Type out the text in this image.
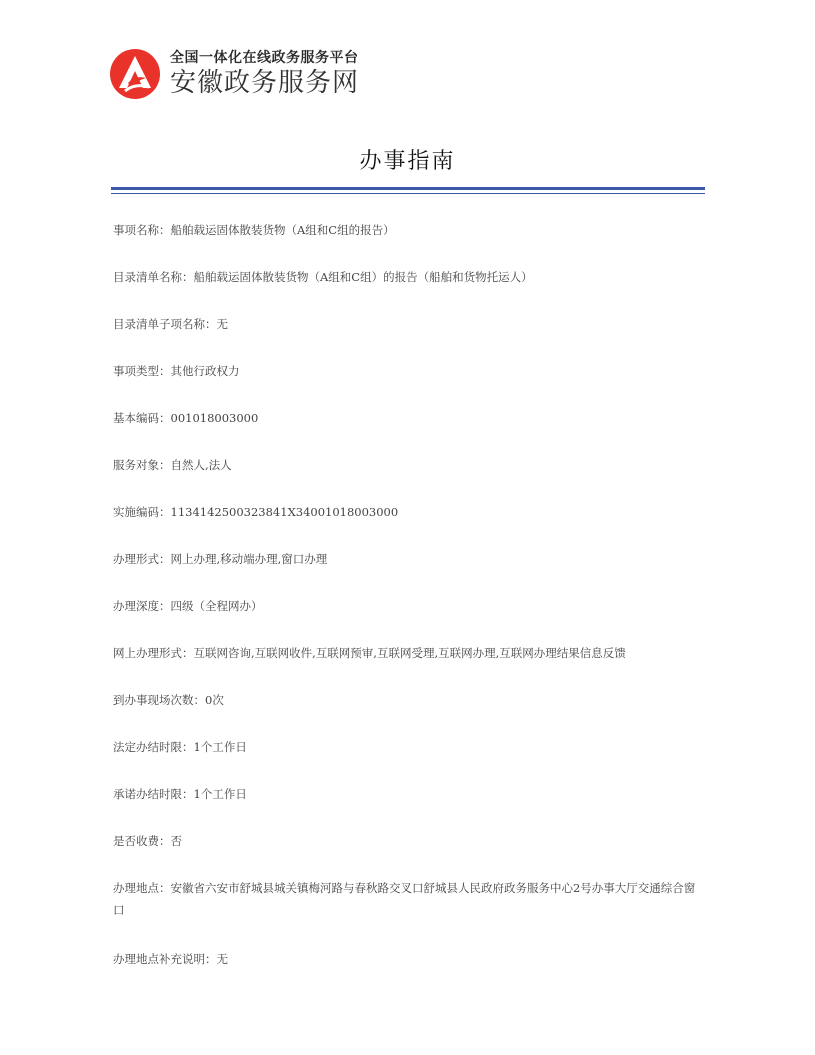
全国一体化在线政务服务平台
安徽政务服务网
办事指南
事项名称：船舶载运固体散装货物（A组和C组的报告）
目录清单名称：船舶载运固体散装货物（A组和C组）的报告（船舶和货物托运人）
目录清单子项名称：无
事项类型：其他行政权力
基本编码：001018003000
服务对象：自然人,法人
实施编码：11341425003238​41X34001018003000
办理形式：网上办理,移动端办理,窗口办理
办理深度：四级（全程网办）
网上办理形式：互联网咨询,互联网收件,互联网预审,互联网受理,互联网办理,互联网办理结果信息反馈
到办事现场次数：0次
法定办结时限：1个工作日
承诺办结时限：1个工作日
是否收费：否
办理地点：安徽省六安市舒城县城关镇梅河路与春秋路交叉口舒城县人民政府政务服务中心2号办事大厅交通综合窗口
办理地点补充说明：无
